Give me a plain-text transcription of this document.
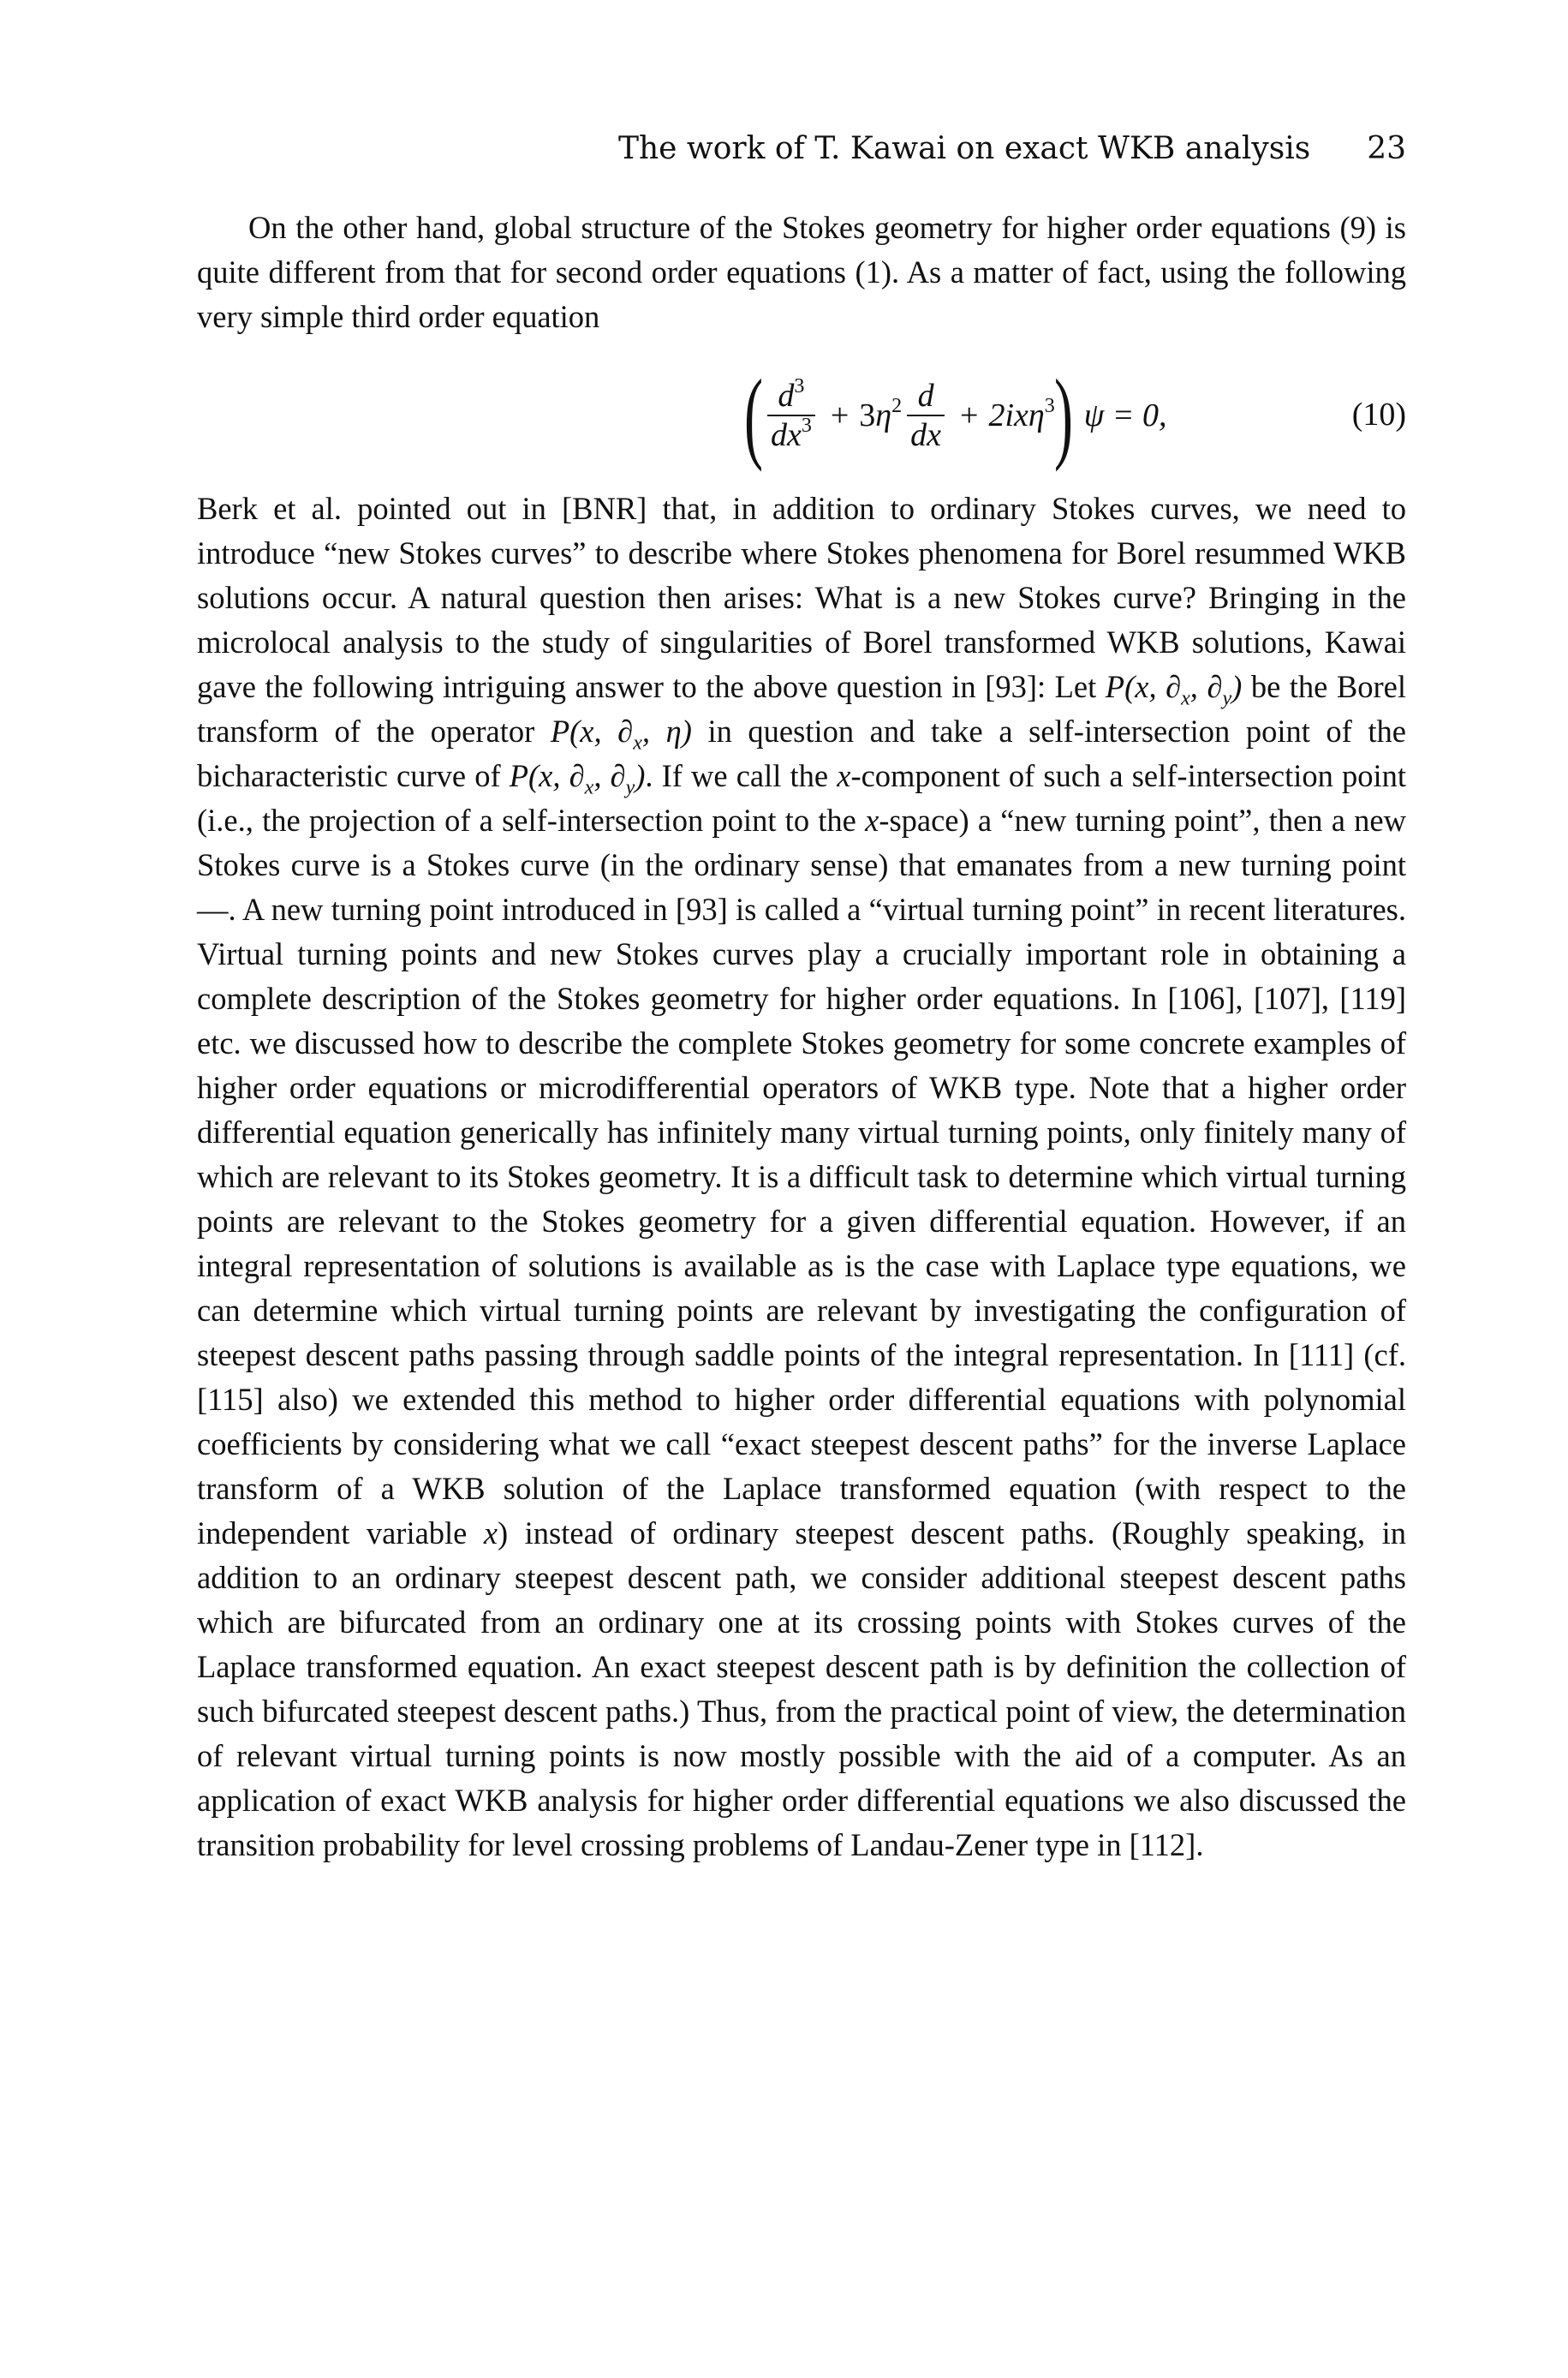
The work of T. Kawai on exact WKB analysis 23

On the other hand, global structure of the Stokes geometry for higher order equations (9) is quite different from that for second order equations (1). As a matter of fact, using the following very simple third order equation

( $\frac{d^3}{dx^3} + 3\eta^2 \frac{d}{dx} + 2ix\eta^3$
) ψ = 0,	(10)

Berk et al. pointed out in [BNR] that, in addition to ordinary Stokes curves, we need to introduce “new Stokes curves” to describe where Stokes phenomena for Borel resummed WKB solutions occur. A natural question then arises: What is a new Stokes curve? Bringing in the microlocal analysis to the study of singularities of Borel transformed WKB solutions, Kawai gave the following intriguing answer to the above question in [93]: Let P(x, $\partial_x$, $\partial_y$) be the Borel transform of the operator P(x, $\partial_x$, η) in question and take a self-intersection point of the bicharacteristic curve of P(x, $\partial_x$, $\partial_y$). If we call the x-component of such a self-intersection point (i.e., the projection of a self-intersection point to the x-space) a “new turning point”, then a new Stokes curve is a Stokes curve (in the ordinary sense) that emanates from a new turning point —. A new turning point introduced in [93] is called a “virtual turning point” in recent literatures. Virtual turning points and new Stokes curves play a crucially important role in obtaining a complete description of the Stokes geometry for higher order equations. In [106], [107], [119] etc. we discussed how to describe the complete Stokes geometry for some concrete examples of higher order equations or microdifferential operators of WKB type. Note that a higher order differential equation generically has infinitely many virtual turning points, only finitely many of which are relevant to its Stokes geometry. It is a difficult task to determine which virtual turning points are relevant to the Stokes geometry for a given differential equation. However, if an integral representation of solutions is available as is the case with Laplace type equations, we can determine which virtual turning points are relevant by investigating the configuration of steepest descent paths passing through saddle points of the integral representation. In [111] (cf. [115] also) we extended this method to higher order differential equations with polynomial coefficients by considering what we call “exact steepest descent paths” for the inverse Laplace transform of a WKB solution of the Laplace transformed equation (with respect to the independent variable x) instead of ordinary steepest descent paths. (Roughly speaking, in addition to an ordinary steepest descent path, we consider additional steepest descent paths which are bifurcated from an ordinary one at its crossing points with Stokes curves of the Laplace transformed equation. An exact steepest descent path is by definition the collection of such bifurcated steepest descent paths.) Thus, from the practical point of view, the determination of relevant virtual turning points is now mostly possible with the aid of a computer. As an application of exact WKB analysis for higher order differential equations we also discussed the transition probability for level crossing problems of Landau-Zener type in [112].
